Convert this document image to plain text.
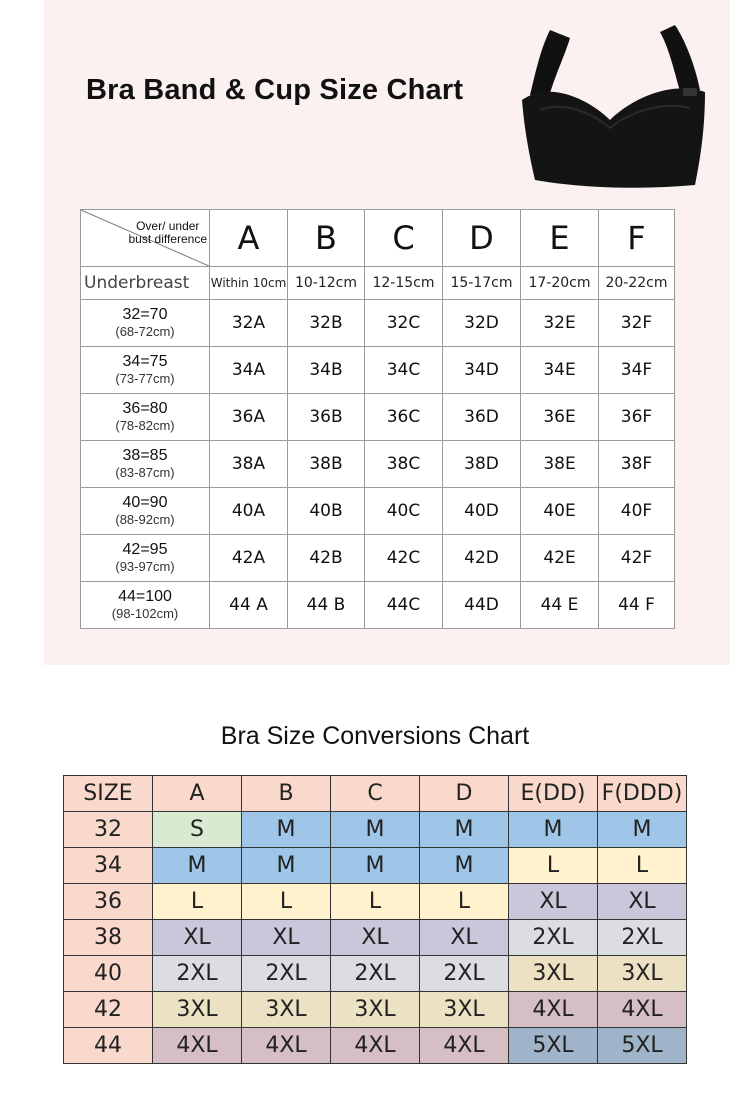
Bra Band & Cup Size Chart
Over/ under
bust difference	A	B	C	D	E	F
Underbreast	Within 10cm	10-12cm	12-15cm	15-17cm	17-20cm	20-22cm

32=70
(68-72cm)	32A	32B	32C	32D	32E	32F

34=75
(73-77cm)	34A	34B	34C	34D	34E	34F

36=80
(78-82cm)	36A	36B	36C	36D	36E	36F

38=85
(83-87cm)	38A	38B	38C	38D	38E	38F

40=90
(88-92cm)	40A	40B	40C	40D	40E	40F

42=95
(93-97cm)	42A	42B	42C	42D	42E	42F

44=100
(98-102cm)	44 A	44 B	44C	44D	44 E	44 F
Bra Size Conversions Chart
SIZE	A	B	C	D	E(DD)	F(DDD)
32	S	M	M	M	M	M
34	M	M	M	M	L	L
36	L	L	L	L	XL	XL
38	XL	XL	XL	XL	2XL	2XL
40	2XL	2XL	2XL	2XL	3XL	3XL
42	3XL	3XL	3XL	3XL	4XL	4XL
44	4XL	4XL	4XL	4XL	5XL	5XL
